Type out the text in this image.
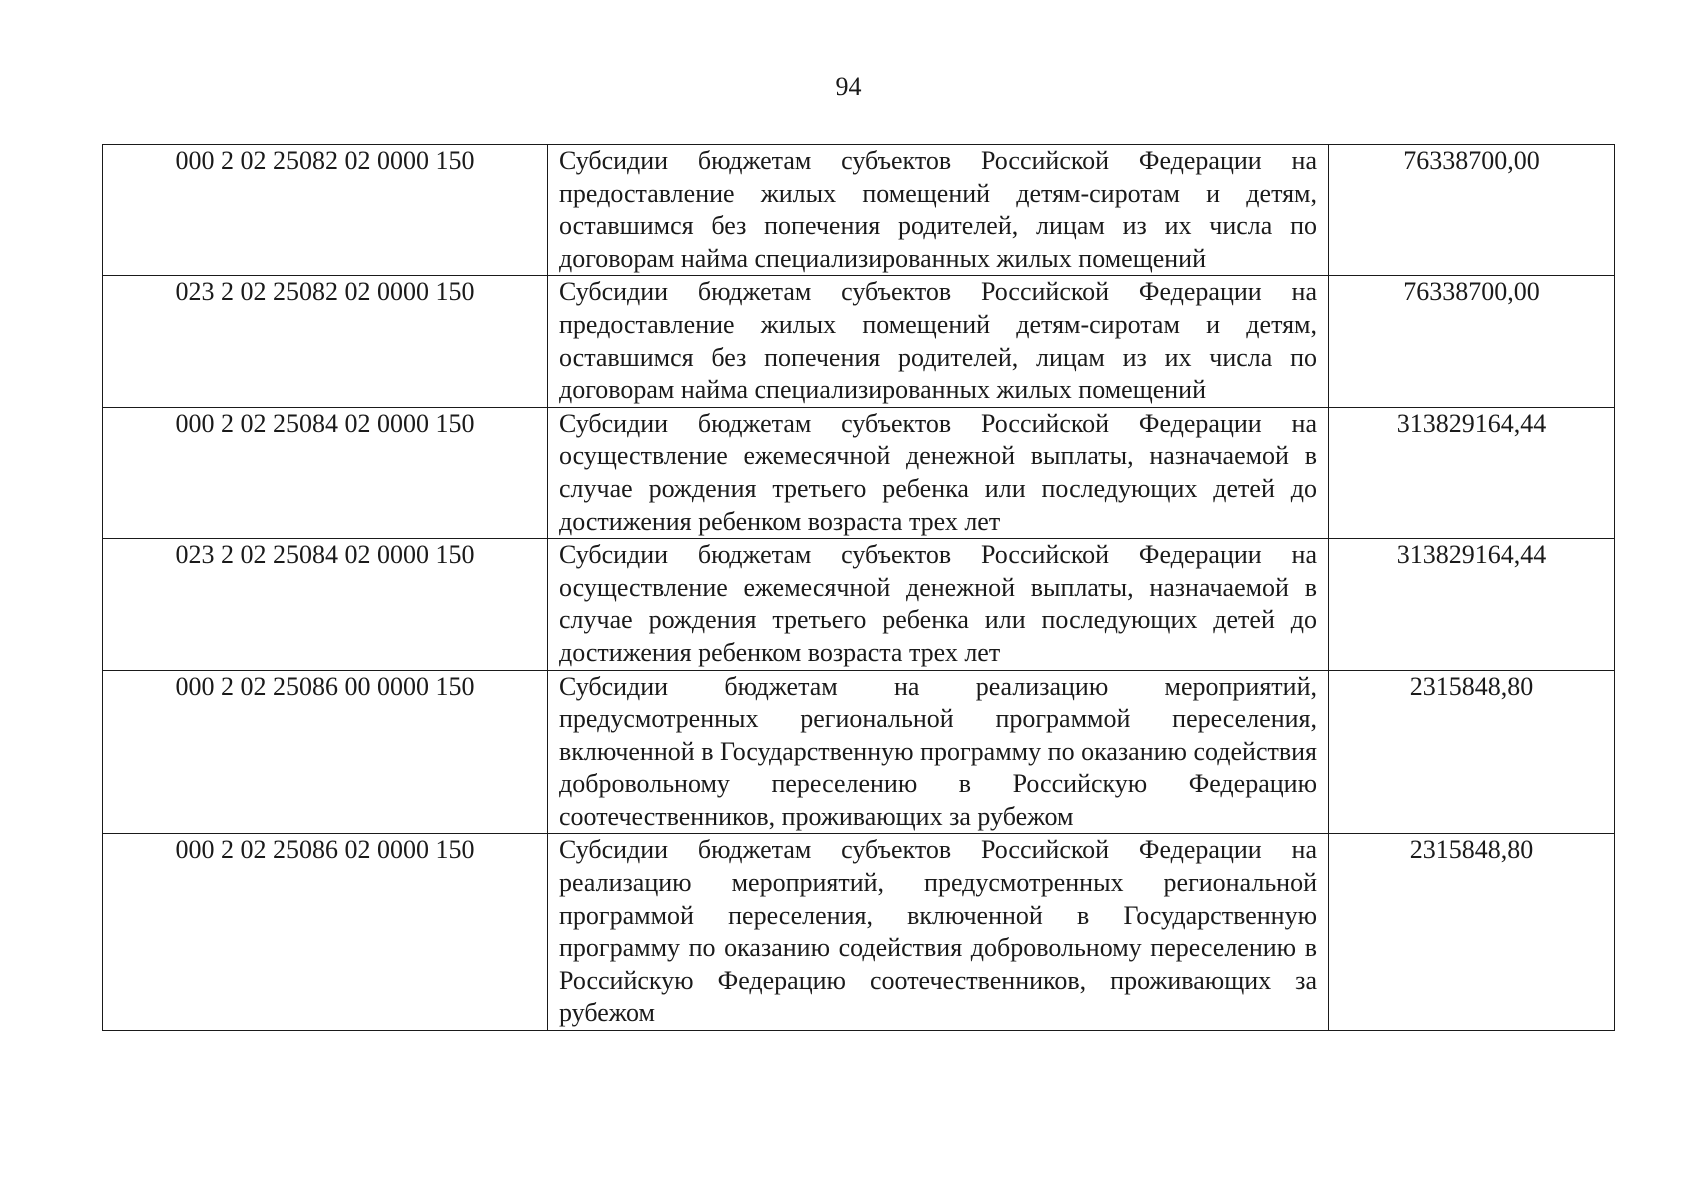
94
000 2 02 25082 02 0000 150	Субсидии бюджетам субъектов Российской Федерации на предоставление жилых помещений детям-сиротам и детям, оставшимся без попечения родителей, лицам из их числа по договорам найма специализированных жилых помещений	76338700,00
023 2 02 25082 02 0000 150	Субсидии бюджетам субъектов Российской Федерации на предоставление жилых помещений детям-сиротам и детям, оставшимся без попечения родителей, лицам из их числа по договорам найма специализированных жилых помещений	76338700,00
000 2 02 25084 02 0000 150	Субсидии бюджетам субъектов Российской Федерации на осуществление ежемесячной денежной выплаты, назначаемой в случае рождения третьего ребенка или последующих детей до достижения ребенком возраста трех лет	313829164,44
023 2 02 25084 02 0000 150	Субсидии бюджетам субъектов Российской Федерации на осуществление ежемесячной денежной выплаты, назначаемой в случае рождения третьего ребенка или последующих детей до достижения ребенком возраста трех лет	313829164,44
000 2 02 25086 00 0000 150	Субсидии бюджетам на реализацию мероприятий, предусмотренных региональной программой переселения, включенной в Государственную программу по оказанию содействия добровольному переселению в Российскую Федерацию соотечественников, проживающих за рубежом	2315848,80
000 2 02 25086 02 0000 150	Субсидии бюджетам субъектов Российской Федерации на реализацию мероприятий, предусмотренных региональной программой переселения, включенной в Государственную программу по оказанию содействия добровольному переселению в Российскую Федерацию соотечественников, проживающих за рубежом	2315848,80
